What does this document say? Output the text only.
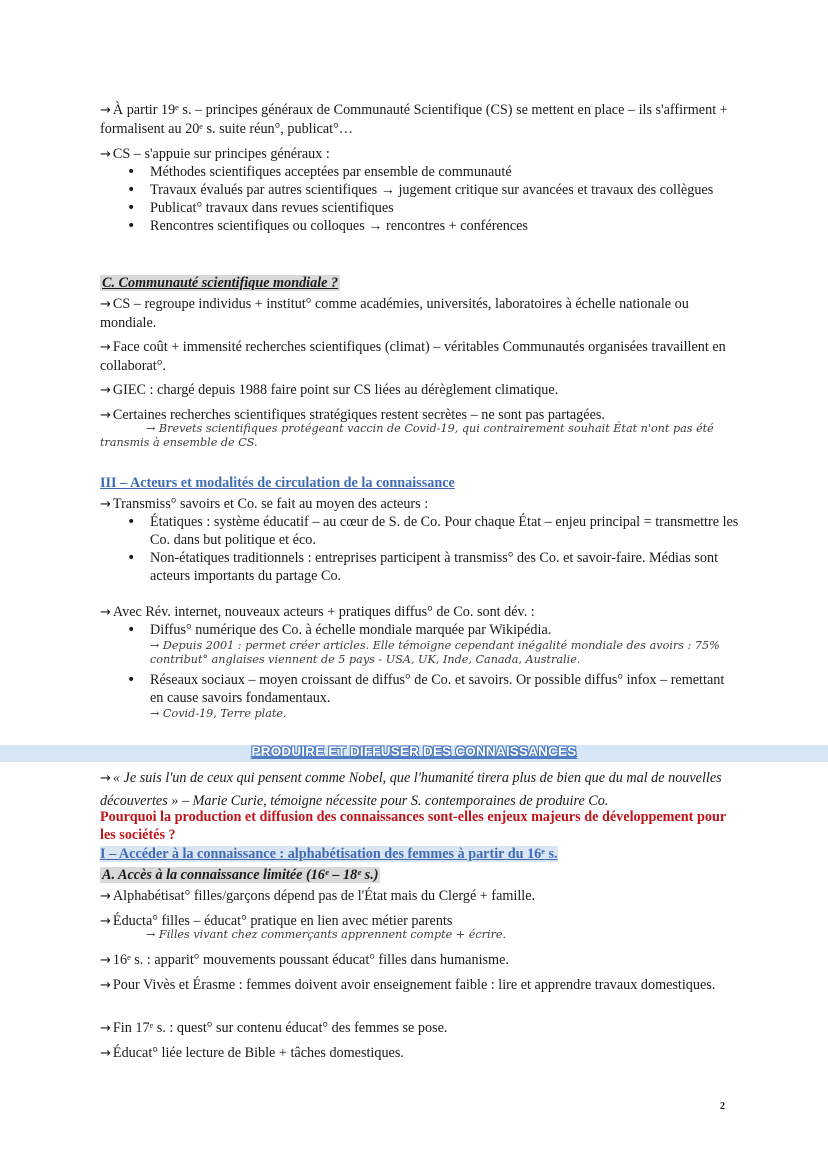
→ À partir 19ᵉ s. – principes généraux de Communauté Scientifique (CS) se mettent en place – ils s'affirment + formalisent au 20ᵉ s. suite réun°, publicat°…

→ CS – s'appuie sur principes généraux :

• Méthodes scientifiques acceptées par ensemble de communauté
• Travaux évalués par autres scientifiques → jugement critique sur avancées et travaux des collègues
• Publicat° travaux dans revues scientifiques
• Rencontres scientifiques ou colloques → rencontres + conférences

C. Communauté scientifique mondiale ?

→ CS – regroupe individus + institut° comme académies, universités, laboratoires à échelle nationale ou mondiale.

→ Face coût + immensité recherches scientifiques (climat) – véritables Communautés organisées travaillent en collaborat°.

→ GIEC : chargé depuis 1988 faire point sur CS liées au dérèglement climatique.

→ Certaines recherches scientifiques stratégiques restent secrètes – ne sont pas partagées.

→ Brevets scientifiques protégeant vaccin de Covid-19, qui contrairement souhait État n'ont pas été transmis à ensemble de CS.

III – Acteurs et modalités de circulation de la connaissance

→ Transmiss° savoirs et Co. se fait au moyen des acteurs :

• Étatiques : système éducatif – au cœur de S. de Co. Pour chaque État – enjeu principal = transmettre les Co. dans but politique et éco.
• Non-étatiques traditionnels : entreprises participent à transmiss° des Co. et savoir-faire. Médias sont acteurs importants du partage Co.

→ Avec Rév. internet, nouveaux acteurs + pratiques diffus° de Co. sont dév. :

• Diffus° numérique des Co. à échelle mondiale marquée par Wikipédia.
→ Depuis 2001 : permet créer articles. Elle témoigne cependant inégalité mondiale des avoirs : 75% contribut° anglaises viennent de 5 pays - USA, UK, Inde, Canada, Australie.
• Réseaux sociaux – moyen croissant de diffus° de Co. et savoirs. Or possible diffus° infox – remettant en cause savoirs fondamentaux.
→ Covid-19, Terre plate.
PRODUIRE ET DIFFUSER DES CONNAISSANCES

→ « Je suis l'un de ceux qui pensent comme Nobel, que l'humanité tirera plus de bien que du mal de nouvelles découvertes » – Marie Curie, témoigne nécessite pour S. contemporaines de produire Co.

Pourquoi la production et diffusion des connaissances sont-elles enjeux majeurs de développement pour les sociétés ?

I – Accéder à la connaissance : alphabétisation des femmes à partir du 16ᵉ s.

A. Accès à la connaissance limitée (16ᵉ – 18ᵉ s.)

→ Alphabétisat° filles/garçons dépend pas de l'État mais du Clergé + famille.

→ Éducta° filles – éducat° pratique en lien avec métier parents

→ Filles vivant chez commerçants apprennent compte + écrire.

→ 16ᵉ s. : apparit° mouvements poussant éducat° filles dans humanisme.

→ Pour Vivès et Érasme : femmes doivent avoir enseignement faible : lire et apprendre travaux domestiques.

→ Fin 17ᵉ s. : quest° sur contenu éducat° des femmes se pose.

→ Éducat° liée lecture de Bible + tâches domestiques.

2
